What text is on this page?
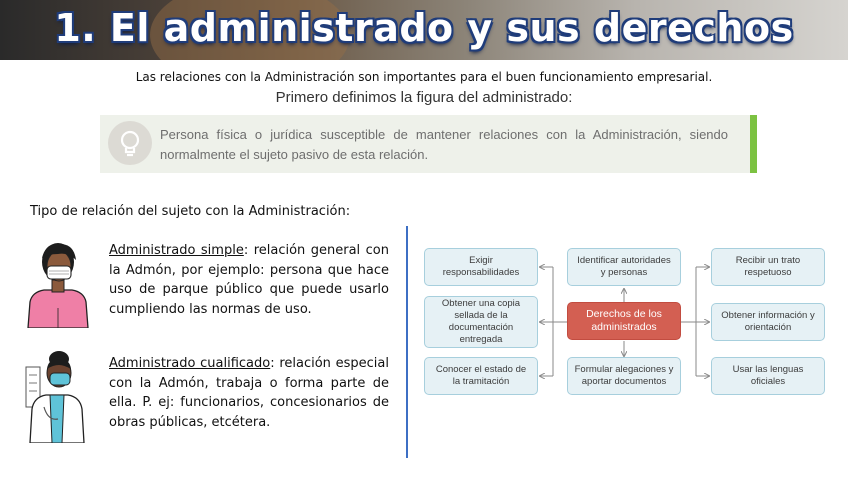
1. El administrado y sus derechos
Las relaciones con la Administración son importantes para el buen funcionamiento empresarial.
Primero definimos la figura del administrado:
Persona física o jurídica susceptible de mantener relaciones con la Administración, siendo normalmente el sujeto pasivo de esta relación.
Tipo de relación del sujeto con la Administración:
Administrado simple: relación general con la Admón, por ejemplo: persona que hace uso de parque público que puede usarlo cumpliendo las normas de uso.
Administrado cualificado: relación especial con la Admón, trabaja o forma parte de ella. P. ej: funcionarios, concesionarios de obras públicas, etcétera.
Exigir responsabilidades
Identificar autoridades y personas
Recibir un trato respetuoso
Obtener una copia sellada de la documentación entregada
Derechos de los administrados
Obtener información y orientación
Conocer el estado de la tramitación
Formular alegaciones y aportar documentos
Usar las lenguas oficiales
